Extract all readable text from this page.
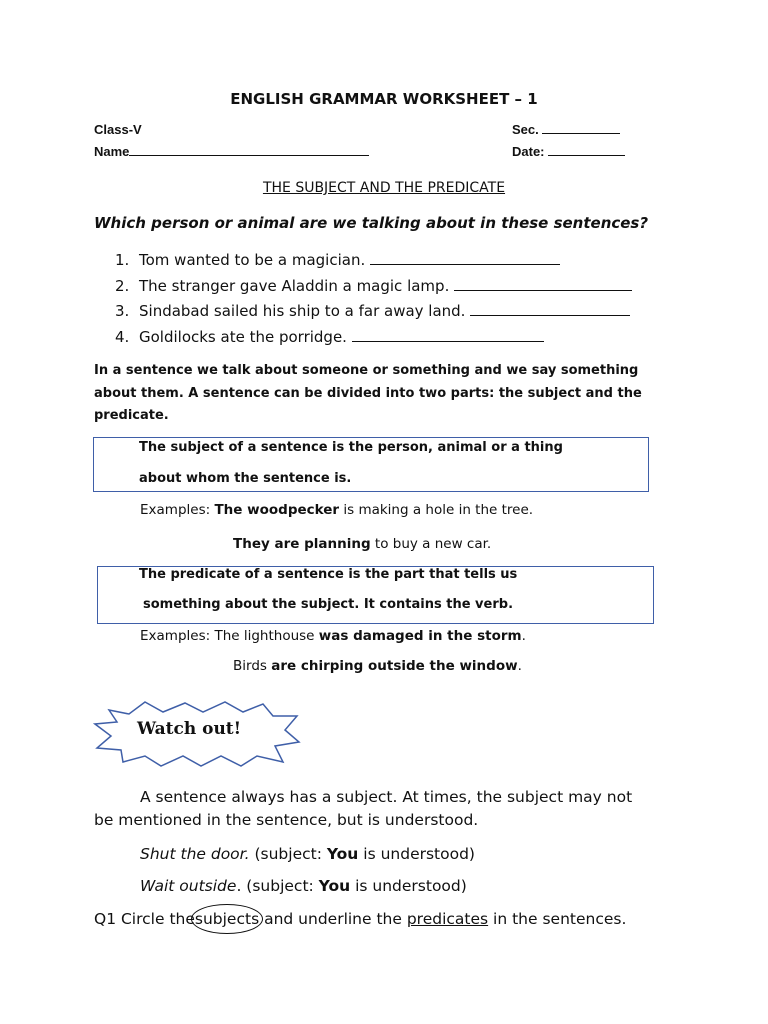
ENGLISH GRAMMAR WORKSHEET – 1
Class-V
Name
Sec.
Date:
THE SUBJECT AND THE PREDICATE
Which person or animal are we talking about in these sentences?
1. Tom wanted to be a magician.
2. The stranger gave Aladdin a magic lamp.
3. Sindabad sailed his ship to a far away land.
4. Goldilocks ate the porridge.
In a sentence we talk about someone or something and we say something about them. A sentence can be divided into two parts: the subject and the predicate.
The subject of a sentence is the person, animal or a thing
about whom the sentence is.
Examples: The woodpecker is making a hole in the tree.
They are planning to buy a new car.
The predicate of a sentence is the part that tells us
something about the subject. It contains the verb.
Examples: The lighthouse was damaged in the storm.
Birds are chirping outside the window.
Watch out!
A sentence always has a subject. At times, the subject may not
be mentioned in the sentence, but is understood.
Shut the door. (subject: You is understood)
Wait outside. (subject: You is understood)
Q1 Circle thesubjects and underline the predicates in the sentences.
